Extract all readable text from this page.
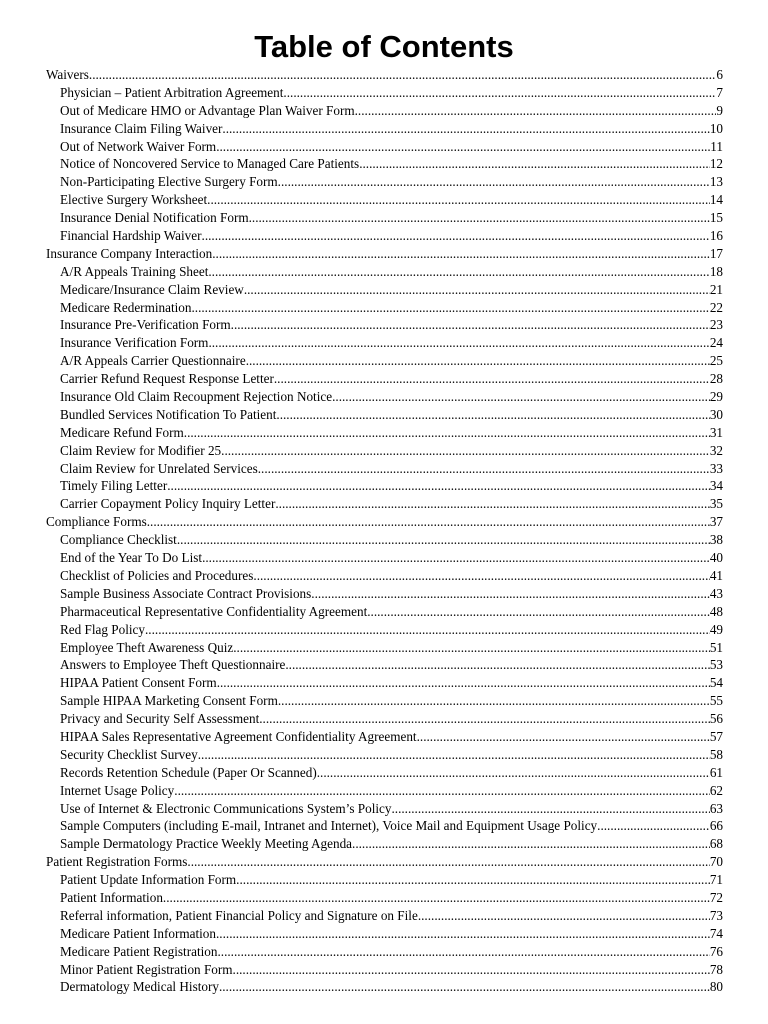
Table of Contents
Waivers .....	6
Physician – Patient Arbitration Agreement .....	7
Out of Medicare HMO or Advantage Plan Waiver Form .....	9
Insurance Claim Filing Waiver .....	10
Out of Network Waiver Form .....	11
Notice of Noncovered Service to Managed Care Patients .....	12
Non-Participating Elective Surgery Form .....	13
Elective Surgery Worksheet .....	14
Insurance Denial Notification Form .....	15
Financial Hardship Waiver .....	16
Insurance Company Interaction .....	17
A/R Appeals Training Sheet .....	18
Medicare/Insurance Claim Review .....	21
Medicare Redermination .....	22
Insurance Pre-Verification Form .....	23
Insurance Verification Form .....	24
A/R Appeals Carrier Questionnaire .....	25
Carrier Refund Request Response Letter .....	28
Insurance Old Claim Recoupment Rejection Notice .....	29
Bundled Services Notification To Patient .....	30
Medicare Refund Form .....	31
Claim Review for Modifier 25 .....	32
Claim Review for Unrelated Services .....	33
Timely Filing Letter .....	34
Carrier Copayment Policy Inquiry Letter .....	35
Compliance Forms .....	37
Compliance Checklist .....	38
End of the Year To Do List .....	40
Checklist of Policies and Procedures .....	41
Sample Business Associate Contract Provisions .....	43
Pharmaceutical Representative Confidentiality Agreement .....	48
Red Flag Policy .....	49
Employee Theft Awareness Quiz .....	51
Answers to Employee Theft Questionnaire .....	53
HIPAA Patient Consent Form .....	54
Sample HIPAA Marketing Consent Form .....	55
Privacy and Security Self Assessment .....	56
HIPAA Sales Representative Agreement Confidentiality Agreement .....	57
Security Checklist Survey .....	58
Records Retention Schedule (Paper Or Scanned) .....	61
Internet Usage Policy .....	62
Use of Internet & Electronic Communications System’s Policy .....	63
Sample Computers (including E-mail, Intranet and Internet), Voice Mail and Equipment Usage Policy .....	66
Sample Dermatology Practice Weekly Meeting Agenda .....	68
Patient Registration Forms .....	70
Patient Update Information Form .....	71
Patient Information .....	72
Referral information, Patient Financial Policy and Signature on File .....	73
Medicare Patient Information .....	74
Medicare Patient Registration .....	76
Minor Patient Registration Form .....	78
Dermatology Medical History .....	80
